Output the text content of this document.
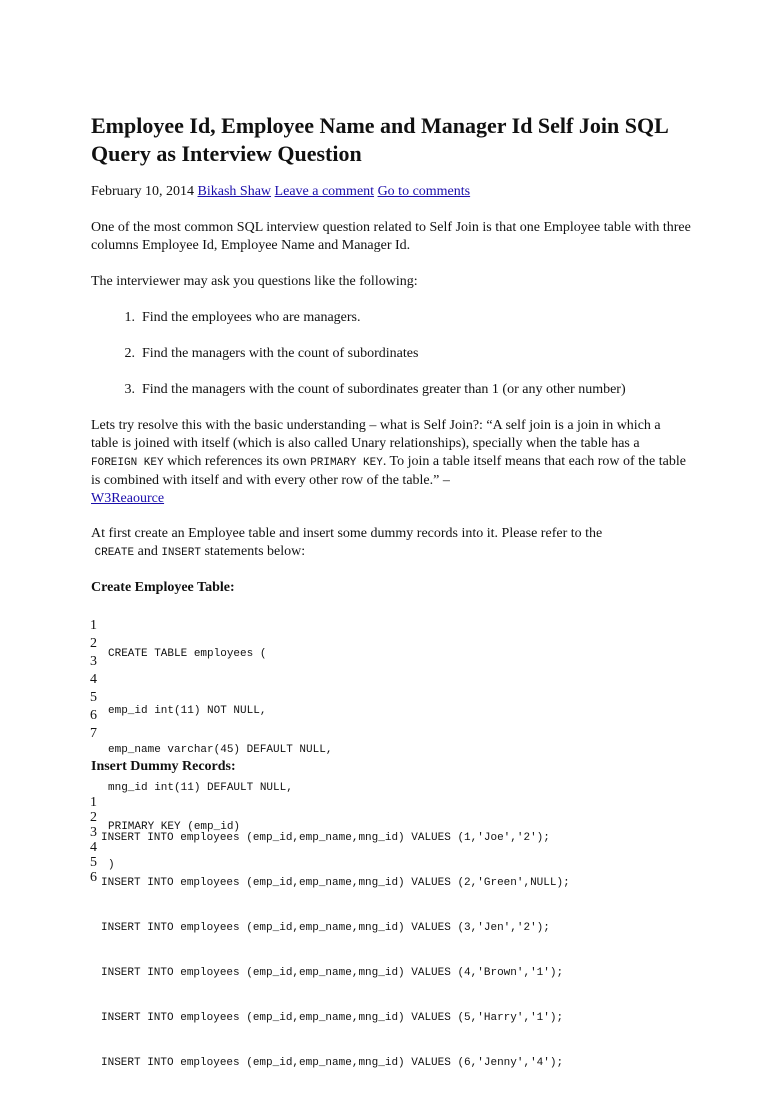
Employee Id, Employee Name and Manager Id Self Join SQL Query as Interview Question
February 10, 2014 Bikash Shaw Leave a comment Go to comments

One of the most common SQL interview question related to Self Join is that one Employee table with three columns Employee Id, Employee Name and Manager Id.

The interviewer may ask you questions like the following:

1. Find the employees who are managers.
2. Find the managers with the count of subordinates
3. Find the managers with the count of subordinates greater than 1 (or any other number)

Lets try resolve this with the basic understanding – what is Self Join?: “A self join is a join in which a table is joined with itself (which is also called Unary relationships), specially when the table has a FOREIGN KEY which references its own PRIMARY KEY. To join a table itself means that each row of the table is combined with itself and with every other row of the table.” –
W3Reaource

At first create an Employee table and insert some dummy records into it. Please refer to the
CREATE and INSERT statements below:

Create Employee Table:
1
2
3
4
5
6
7

CREATE TABLE employees (

emp_id int(11) NOT NULL,

emp_name varchar(45) DEFAULT NULL,

mng_id int(11) DEFAULT NULL,

PRIMARY KEY (emp_id)

)

Insert Dummy Records:
1
2
3
4
5
6

INSERT INTO employees (emp_id,emp_name,mng_id) VALUES (1,'Joe','2');

INSERT INTO employees (emp_id,emp_name,mng_id) VALUES (2,'Green',NULL);

INSERT INTO employees (emp_id,emp_name,mng_id) VALUES (3,'Jen','2');

INSERT INTO employees (emp_id,emp_name,mng_id) VALUES (4,'Brown','1');

INSERT INTO employees (emp_id,emp_name,mng_id) VALUES (5,'Harry','1');

INSERT INTO employees (emp_id,emp_name,mng_id) VALUES (6,'Jenny','4');
